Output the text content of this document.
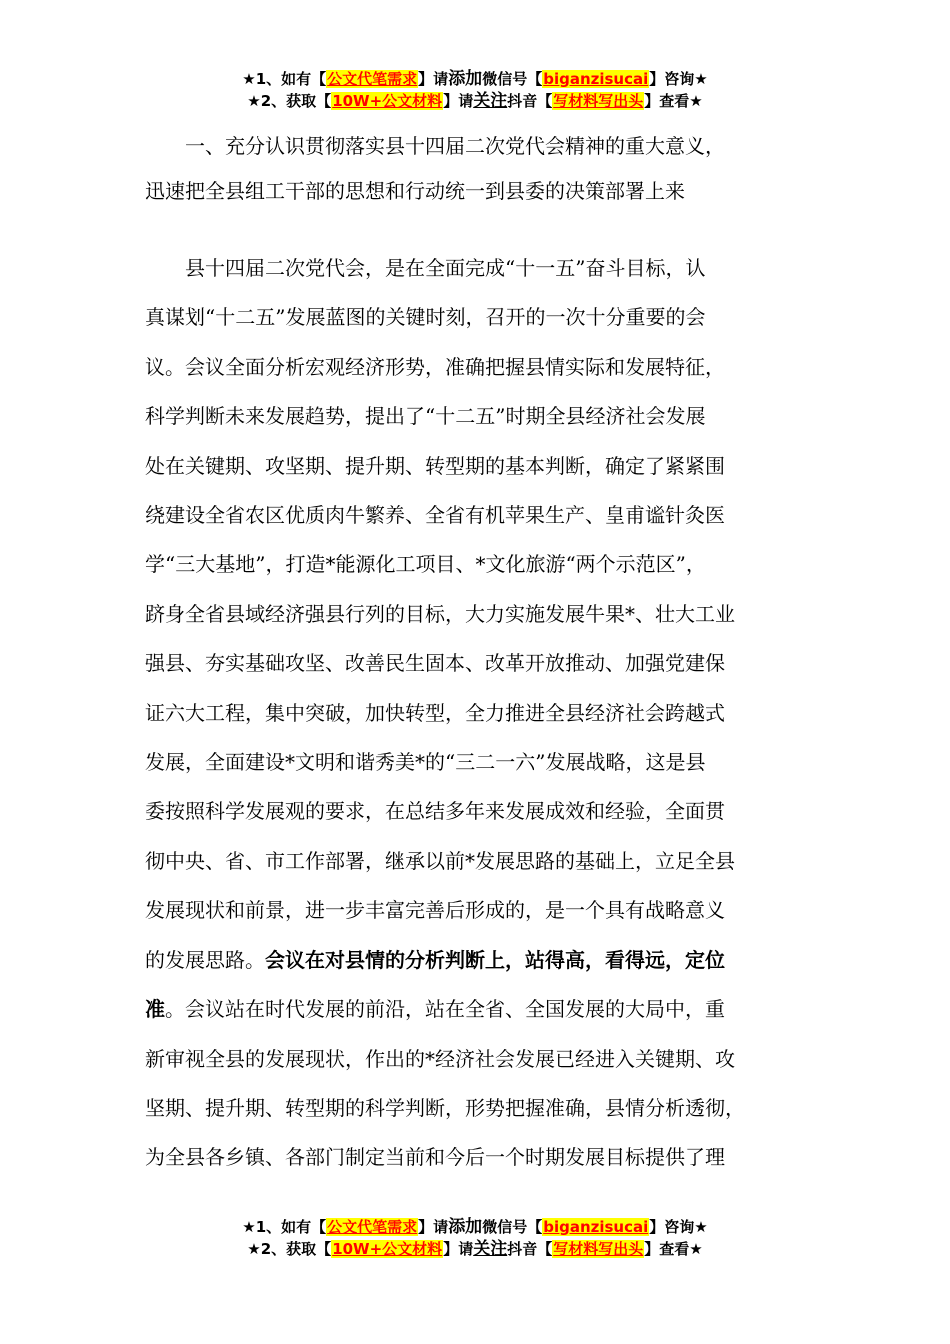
★1、如有【公文代笔需求】请添加微信号【biganzisucai】咨询★
★2、获取【10W+公文材料】请关注抖音【写材料写出头】查看★
一、充分认识贯彻落实县十四届二次党代会精神的重大意义，
迅速把全县组工干部的思想和行动统一到县委的决策部署上来
县十四届二次党代会，是在全面完成“十一五”奋斗目标，认
真谋划“十二五”发展蓝图的关键时刻，召开的一次十分重要的会
议。会议全面分析宏观经济形势，准确把握县情实际和发展特征，
科学判断未来发展趋势，提出了“十二五”时期全县经济社会发展
处在关键期、攻坚期、提升期、转型期的基本判断，确定了紧紧围
绕建设全省农区优质肉牛繁养、全省有机苹果生产、皇甫谧针灸医
学“三大基地”，打造*能源化工项目、*文化旅游“两个示范区”，
跻身全省县域经济强县行列的目标，大力实施发展牛果*、壮大工业
强县、夯实基础攻坚、改善民生固本、改革开放推动、加强党建保
证六大工程，集中突破，加快转型，全力推进全县经济社会跨越式
发展，全面建设*文明和谐秀美*的“三二一六”发展战略，这是县
委按照科学发展观的要求，在总结多年来发展成效和经验，全面贯
彻中央、省、市工作部署，继承以前*发展思路的基础上，立足全县
发展现状和前景，进一步丰富完善后形成的，是一个具有战略意义
的发展思路。会议在对县情的分析判断上，站得高，看得远，定位
准。会议站在时代发展的前沿，站在全省、全国发展的大局中，重
新审视全县的发展现状，作出的*经济社会发展已经进入关键期、攻
坚期、提升期、转型期的科学判断，形势把握准确，县情分析透彻，
为全县各乡镇、各部门制定当前和今后一个时期发展目标提供了理
★1、如有【公文代笔需求】请添加微信号【biganzisucai】咨询★
★2、获取【10W+公文材料】请关注抖音【写材料写出头】查看★
